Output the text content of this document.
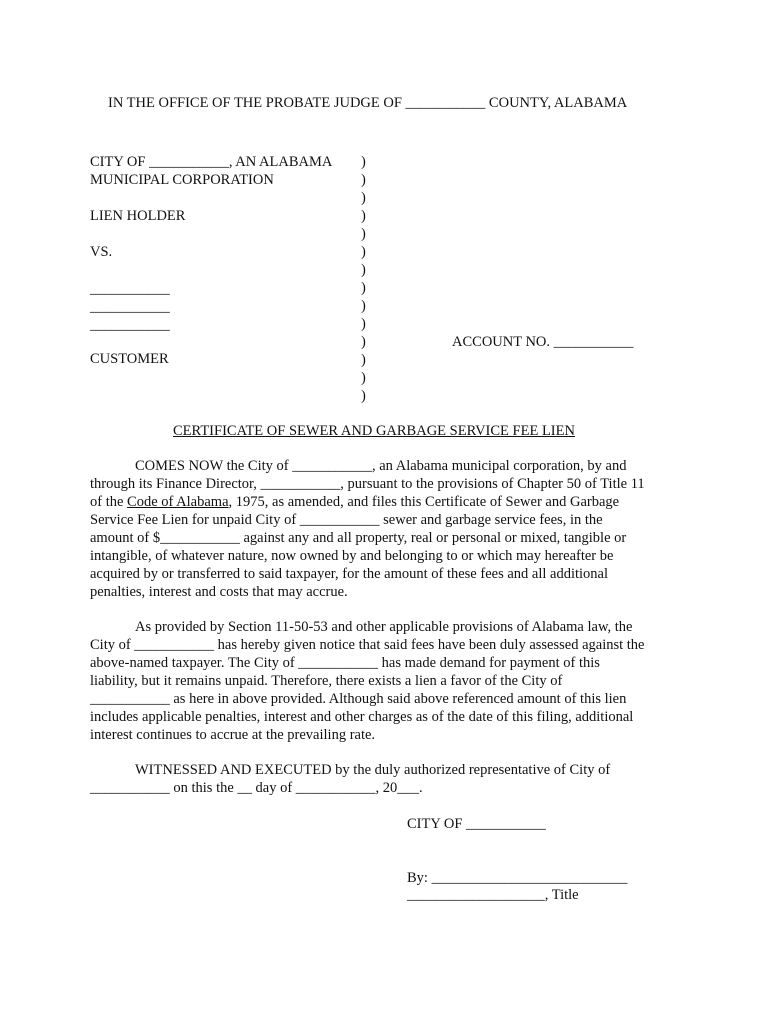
IN THE OFFICE OF THE PROBATE JUDGE OF ___________ COUNTY, ALABAMA
CITY OF ___________, AN ALABAMA
MUNICIPAL CORPORATION
LIEN HOLDER
VS.
___________
___________
___________
CUSTOMER
)
)
)
)
)
)
)
)
)
)
)
)
)
)
ACCOUNT NO. ___________
CERTIFICATE OF SEWER AND GARBAGE SERVICE FEE LIEN
COMES NOW the City of ___________, an Alabama municipal corporation, by and
through its Finance Director, ___________, pursuant to the provisions of Chapter 50 of Title 11
of the Code of Alabama, 1975, as amended, and files this Certificate of Sewer and Garbage
Service Fee Lien for unpaid City of ___________ sewer and garbage service fees, in the
amount of $___________ against any and all property, real or personal or mixed, tangible or
intangible, of whatever nature, now owned by and belonging to or which may hereafter be
acquired by or transferred to said taxpayer, for the amount of these fees and all additional
penalties, interest and costs that may accrue.
As provided by Section 11-50-53 and other applicable provisions of Alabama law, the
City of ___________ has hereby given notice that said fees have been duly assessed against the
above-named taxpayer. The City of ___________ has made demand for payment of this
liability, but it remains unpaid. Therefore, there exists a lien a favor of the City of
___________ as here in above provided. Although said above referenced amount of this lien
includes applicable penalties, interest and other charges as of the date of this filing, additional
interest continues to accrue at the prevailing rate.
WITNESSED AND EXECUTED by the duly authorized representative of City of
___________ on this the __ day of ___________, 20___.
CITY OF ___________
By: ___________________________
___________________, Title
